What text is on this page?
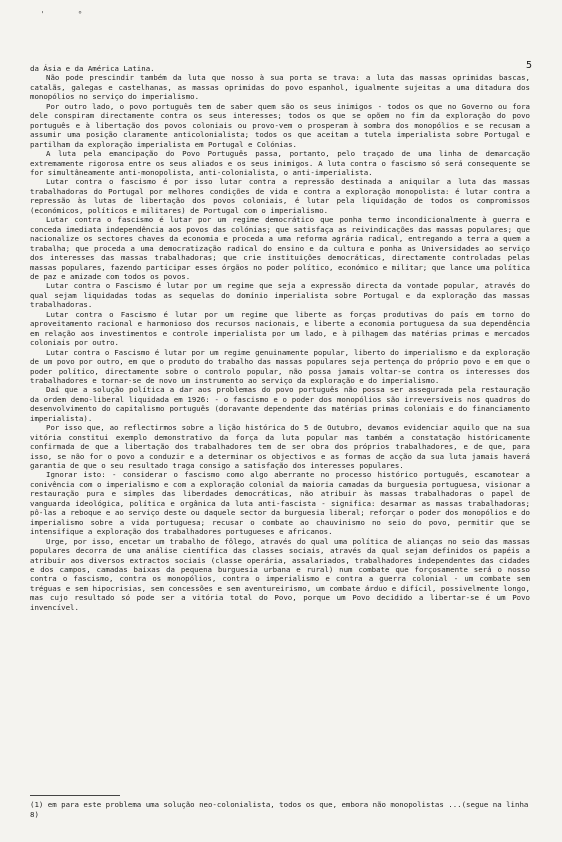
' °
5

da Ásia e da América Latina.

Não pode prescindir também da luta que nosso à sua porta se trava: a luta das massas oprimidas bascas, catalãs, galegas e castelhanas, as massas oprimidas do povo espanhol, igualmente sujeitas a uma ditadura dos monopólios no serviço do imperialismo.

Por outro lado, o povo português tem de saber quem são os seus inimigos - todos os que no Governo ou fora dele conspiram directamente contra os seus interesses; todos os que se opõem no fim da exploração do povo português e à libertação dos povos coloniais ou provo-vem o prosperam à sombra dos monopólios e se recusam a assumir uma posição claramente anticolonialista; todos os que aceitam a tutela imperialista sobre Portugal e partilham da exploração imperialista em Portugal e Colónias.

A luta pela emancipação do Povo Português passa, portanto, pelo traçado de uma linha de demarcação extremamente rigorosa entre os seus aliados e os seus inimigos. A luta contra o fascismo só será consequente se for simultâneamente anti-monopolista, anti-colonialista, o anti-imperialista.

Lutar contra o fascismo é por isso lutar contra a repressão destinada a aniquilar a luta das massas trabalhadoras do Portugal por melhores condições de vida e contra a exploração monopolista: é lutar contra a repressão às lutas de libertação dos povos coloniais, é lutar pela liquidação de todos os compromissos (económicos, políticos e militares) de Portugal com o imperialismo.

Lutar contra o fascismo é lutar por um regime democrático que ponha termo incondicionalmente à guerra e conceda imediata independência aos povos das colónias; que satisfaça as reivindicações das massas populares; que nacionalize os sectores chaves da economia e proceda a uma reforma agrária radical, entregando a terra a quem a trabalha; que proceda a uma democratização radical do ensino e da cultura e ponha as Universidades ao serviço dos interesses das massas trabalhadoras; que crie instituições democráticas, directamente controladas pelas massas populares, fazendo participar esses órgãos no poder político, económico e militar; que lance uma política de paz e amizade com todos os povos.

Lutar contra o Fascismo é lutar por um regime que seja a expressão directa da vontade popular, através do qual sejam liquidadas todas as sequelas do domínio imperialista sobre Portugal e da exploração das massas trabalhadoras.

Lutar contra o Fascismo é lutar por um regime que liberte as forças produtivas do país em torno do aproveitamento racional e harmonioso dos recursos nacionais, e liberte a economia portuguesa da sua dependência em relação aos investimentos e controle imperialista por um lado, e à pilhagem das matérias primas e mercados coloniais por outro.

Lutar contra o Fascismo é lutar por um regime genuinamente popular, liberto do imperialismo e da exploração de um povo por outro, em que o produto do trabalho das massas populares seja pertença do próprio povo e em que o poder político, directamente sobre o controlo popular, não possa jamais voltar-se contra os interesses dos trabalhadores e tornar-se de novo um instrumento ao serviço da exploração e do imperialismo.

Daí que a solução política a dar aos problemas do povo português não possa ser assegurada pela restauração da ordem demo-liberal liquidada em 1926: - o fascismo e o poder dos monopólios são irreversíveis nos quadros do desenvolvimento do capitalismo português (doravante dependente das matérias primas coloniais e do financiamento imperialista).

Por isso que, ao reflectirmos sobre a lição histórica do 5 de Outubro, devamos evidenciar aquilo que na sua vitória constitui exemplo demonstrativo da força da luta popular mas também a constatação históricamente confirmada de que a libertação dos trabalhadores tem de ser obra dos próprios trabalhadores, e de que, para isso, se não for o povo a conduzir e a determinar os objectivos e as formas de acção da sua luta jamais haverá garantia de que o seu resultado traga consigo a satisfação dos interesses populares.

Ignorar isto: - considerar o fascismo como algo aberrante no processo histórico português, escamotear a conivência com o imperialismo e com a exploração colonial da maioria camadas da burguesia portuguesa, visionar a restauração pura e simples das liberdades democráticas, não atribuir às massas trabalhadoras o papel de vanguarda ideológica, política e orgânica da luta anti-fascista - significa: desarmar as massas trabalhadoras; pô-las a reboque e ao serviço deste ou daquele sector da burguesia liberal; reforçar o poder dos monopólios e do imperialismo sobre a vida portuguesa; recusar o combate ao chauvinismo no seio do povo, permitir que se intensifique a exploração dos trabalhadores portugueses e africanos.

Urge, por isso, encetar um trabalho de fôlego, através do qual uma política de alianças no seio das massas populares decorra de uma análise científica das classes sociais, através da qual sejam definidos os papéis a atribuir aos diversos extractos sociais (classe operária, assalariados, trabalhadores independentes das cidades e dos campos, camadas baixas da pequena burguesia urbana e rural) num combate que forçosamente será o nosso contra o fascismo, contra os monopólios, contra o imperialismo e contra a guerra colonial - um combate sem tréguas e sem hipocrisias, sem concessões e sem aventureirismo, um combate árduo e difícil, possivelmente longo, mas cujo resultado só pode ser a vitória total do Povo, porque um Povo decidido a libertar-se é um Povo invencível.

(1) em para este problema uma solução neo-colonialista, todos os que, embora não monopolistas ...(segue na linha 8)
